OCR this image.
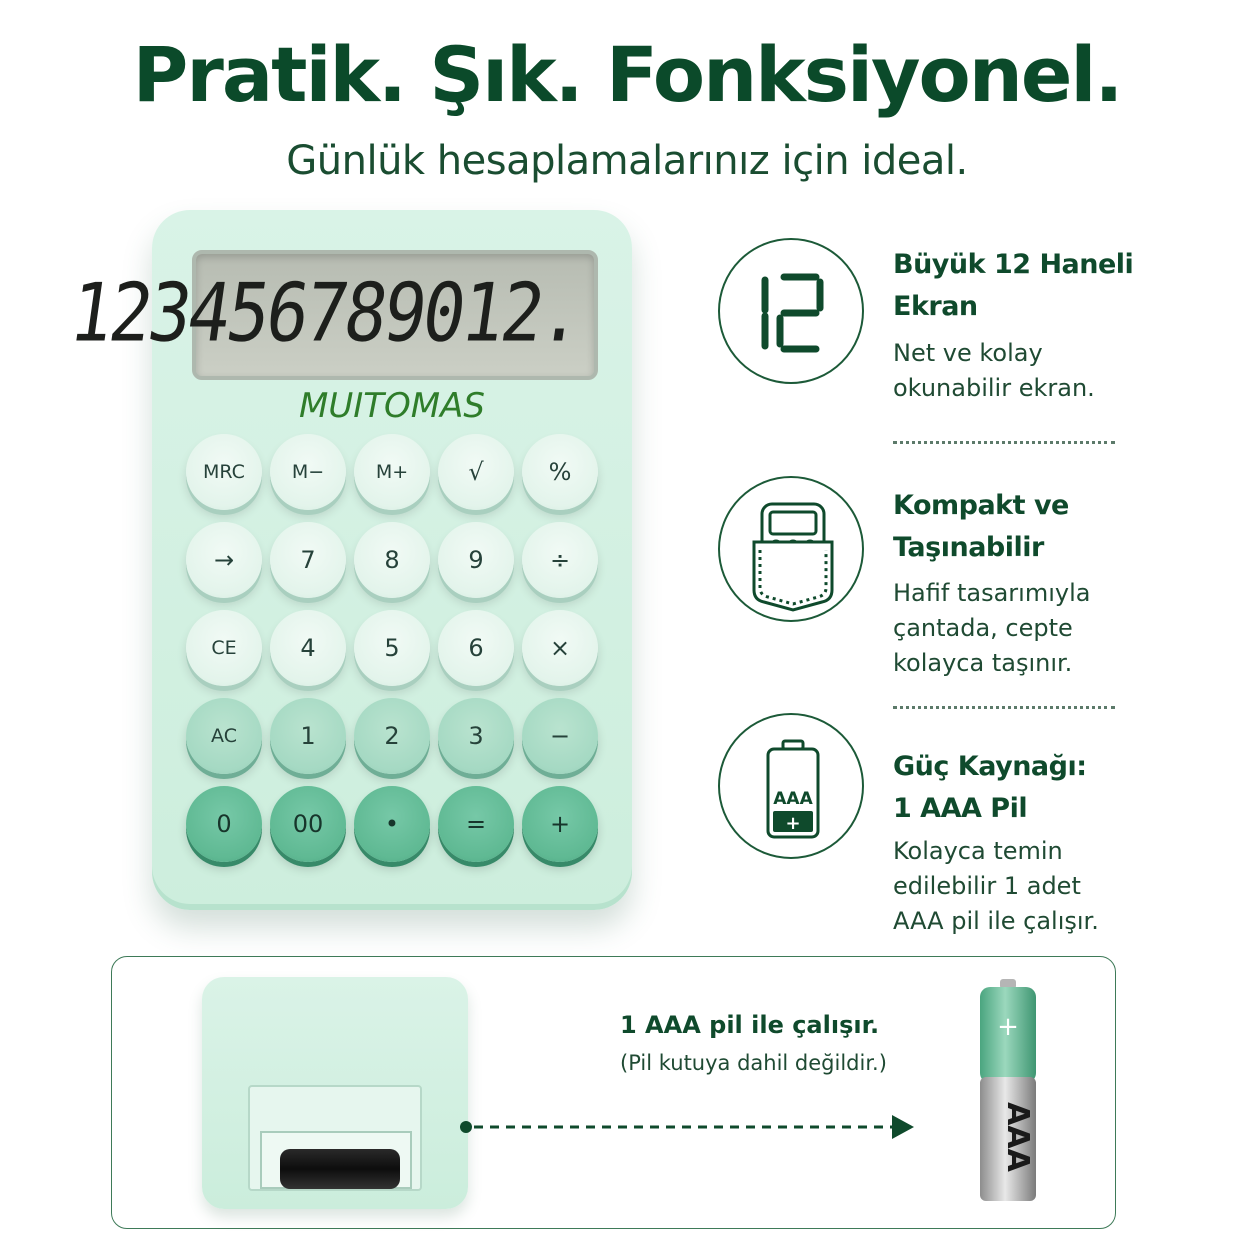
Pratik. Şık. Fonksiyonel.
Günlük hesaplamalarınız için ideal.
123456789012.
MUITOMAS
MRC	M−	M+	√	%
→	7	8	9	÷
CE	4	5	6	×
AC	1	2	3	−
0	00	•	=	+
Büyük 12 Haneli
Ekran
Net ve kolay
okunabilir ekran.
Kompakt ve
Taşınabilir
Hafif tasarımıyla
çantada, cepte
kolayca taşınır.
AAA
+
Güç Kaynağı:
1 AAA Pil
Kolayca temin
edilebilir 1 adet
AAA pil ile çalışır.
1 AAA pil ile çalışır.
(Pil kutuya dahil değildir.)
+
AAA
